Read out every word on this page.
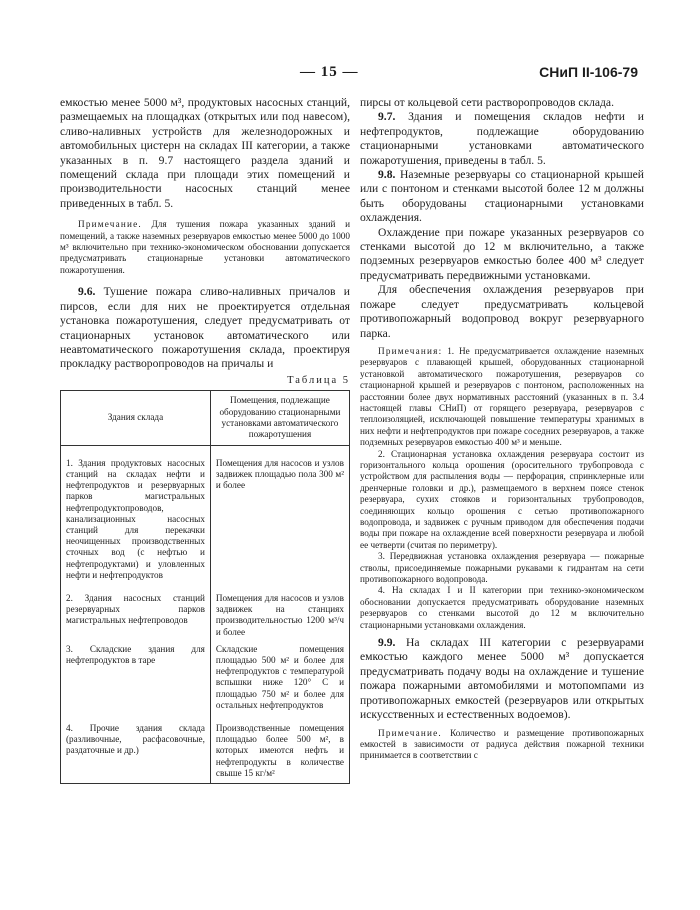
— 15 —	СНиП II-106-79

емкостью менее 5000 м³, продуктовых насосных станций, размещаемых на площадках (открытых или под навесом), сливо-наливных устройств для железнодорожных и автомобильных цистерн на складах III категории, а также указанных в п. 9.7 настоящего раздела зданий и помещений склада при площади этих помещений и производительности насосных станций менее приведенных в табл. 5.

Примечание. Для тушения пожара указанных зданий и помещений, а также наземных резервуаров емкостью менее 5000 до 1000 м³ включительно при технико-экономическом обосновании допускается предусматривать стационарные установки автоматического пожаротушения.

9.6. Тушение пожара сливо-наливных причалов и пирсов, если для них не проектируется отдельная установка пожаротушения, следует предусматривать от стационарных установок автоматического или неавтоматического пожаротушения склада, проектируя прокладку растворопроводов на причалы и

Таблица 5
Здания склада	Помещения, подлежащие оборудованию стационарными установками автоматического пожаротушения
1. Здания продуктовых насосных станций на складах нефти и нефтепродуктов и резервуарных парков магистральных нефтепродуктопроводов, канализационных насосных станций для перекачки неочищенных производственных сточных вод (с нефтью и нефтепродуктами) и уловленных нефти и нефтепродуктов	Помещения для насосов и узлов задвижек площадью пола 300 м² и более
2. Здания насосных станций резервуарных парков магистральных нефтепроводов	Помещения для насосов и узлов задвижек на станциях производительностью 1200 м³/ч и более
3. Складские здания для нефтепродуктов в таре	Складские помещения площадью 500 м² и более для нефтепродуктов с температурой вспышки ниже 120° С и площадью 750 м² и более для остальных нефтепродуктов
4. Прочие здания склада (разливочные, расфасовочные, раздаточные и др.)	Производственные помещения площадью более 500 м², в которых имеются нефть и нефтепродукты в количестве свыше 15 кг/м²

пирсы от кольцевой сети растворопроводов склада.

9.7. Здания и помещения складов нефти и нефтепродуктов, подлежащие оборудованию стационарными установками автоматического пожаротушения, приведены в табл. 5.

9.8. Наземные резервуары со стационарной крышей или с понтоном и стенками высотой более 12 м должны быть оборудованы стационарными установками охлаждения.

Охлаждение при пожаре указанных резервуаров со стенками высотой до 12 м включительно, а также подземных резервуаров емкостью более 400 м³ следует предусматривать передвижными установками.

Для обеспечения охлаждения резервуаров при пожаре следует предусматривать кольцевой противопожарный водопровод вокруг резервуарного парка.

Примечания: 1. Не предусматривается охлаждение наземных резервуаров с плавающей крышей, оборудованных стационарной установкой автоматического пожаротушения, резервуаров со стационарной крышей и резервуаров с понтоном, расположенных на расстоянии более двух нормативных расстояний (указанных в п. 3.4 настоящей главы СНиП) от горящего резервуара, резервуаров с теплоизоляцией, исключающей повышение температуры хранимых в них нефти и нефтепродуктов при пожаре соседних резервуаров, а также подземных резервуаров емкостью 400 м³ и меньше.

2. Стационарная установка охлаждения резервуара состоит из горизонтального кольца орошения (оросительного трубопровода с устройством для распыления воды — перфорация, спринклерные или дренчерные головки и др.), размещаемого в верхнем поясе стенок резервуара, сухих стояков и горизонтальных трубопроводов, соединяющих кольцо орошения с сетью противопожарного водопровода, и задвижек с ручным приводом для обеспечения подачи воды при пожаре на охлаждение всей поверхности резервуара и любой ее четверти (считая по периметру).

3. Передвижная установка охлаждения резервуара — пожарные стволы, присоединяемые пожарными рукавами к гидрантам на сети противопожарного водопровода.

4. На складах I и II категории при технико-экономическом обосновании допускается предусматривать оборудование наземных резервуаров со стенками высотой до 12 м включительно стационарными установками охлаждения.

9.9. На складах III категории с резервуарами емкостью каждого менее 5000 м³ допускается предусматривать подачу воды на охлаждение и тушение пожара пожарными автомобилями и мотопомпами из противопожарных емкостей (резервуаров или открытых искусственных и естественных водоемов).

Примечание. Количество и размещение противопожарных емкостей в зависимости от радиуса действия пожарной техники принимается в соответствии с
